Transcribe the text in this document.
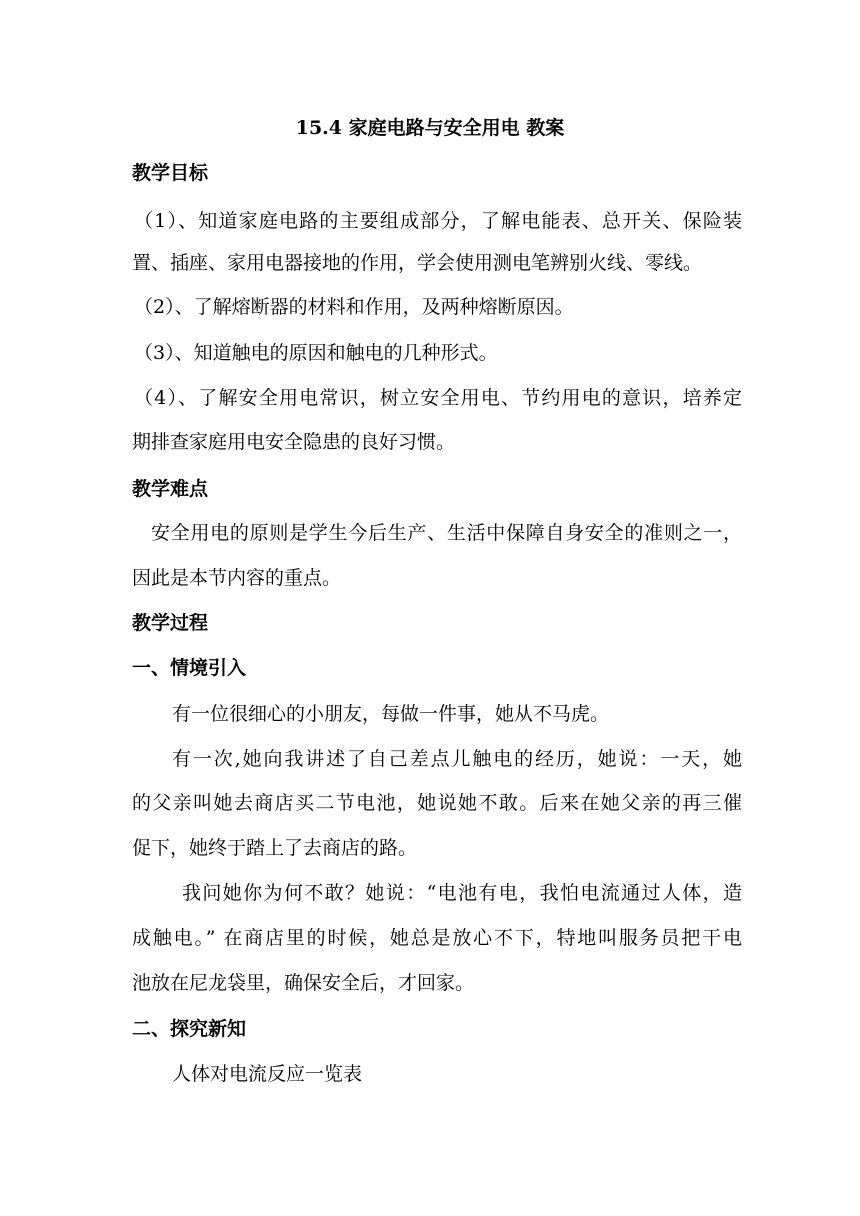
15.4 家庭电路与安全用电 教案
教学目标
（1）、知道家庭电路的主要组成部分，了解电能表、总开关、保险装
置、插座、家用电器接地的作用，学会使用测电笔辨别火线、零线。
（2）、了解熔断器的材料和作用，及两种熔断原因。
（3）、知道触电的原因和触电的几种形式。
（4）、了解安全用电常识，树立安全用电、节约用电的意识，培养定
期排查家庭用电安全隐患的良好习惯。
教学难点
安全用电的原则是学生今后生产、生活中保障自身安全的准则之一，
因此是本节内容的重点。
教学过程
一、情境引入
有一位很细心的小朋友，每做一件事，她从不马虎。
有一次,她向我讲述了自己差点儿触电的经历，她说：一天，她
的父亲叫她去商店买二节电池，她说她不敢。后来在她父亲的再三催
促下，她终于踏上了去商店的路。
我问她你为何不敢？她说：“电池有电，我怕电流通过人体，造
成触电。” 在商店里的时候，她总是放心不下，特地叫服务员把干电
池放在尼龙袋里，确保安全后，才回家。
二、探究新知
人体对电流反应一览表
